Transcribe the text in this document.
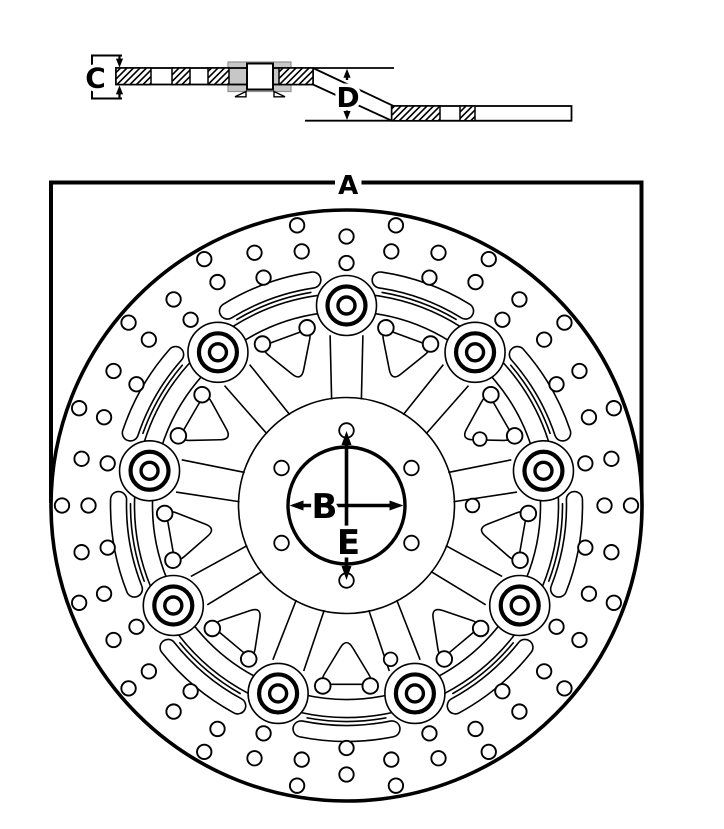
C
D
A
B
E
